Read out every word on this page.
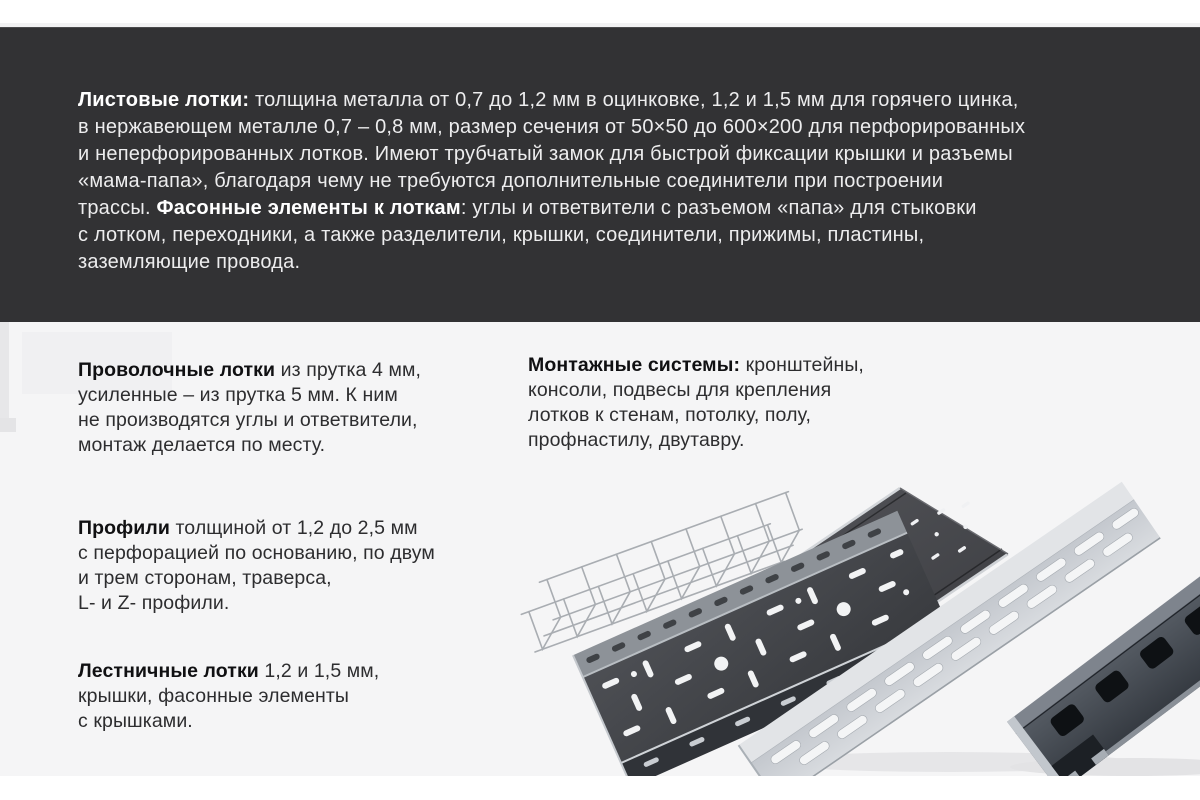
Листовые лотки: толщина металла от 0,7 до 1,2 мм в оцинковке, 1,2 и 1,5 мм для горячего цинка,
в нержавеющем металле 0,7 – 0,8 мм, размер сечения от 50×50 до 600×200 для перфорированных
и неперфорированных лотков. Имеют трубчатый замок для быстрой фиксации крышки и разъемы
«мама-папа», благодаря чему не требуются дополнительные соединители при построении
трассы. Фасонные элементы к лоткам: углы и ответвители с разъемом «папа» для стыковки
с лотком, переходники, а также разделители, крышки, соединители, прижимы, пластины,
заземляющие провода.
Проволочные лотки из прутка 4 мм,
усиленные – из прутка 5 мм. К ним
не производятся углы и ответвители,
монтаж делается по месту.
Монтажные системы: кронштейны,
консоли, подвесы для крепления
лотков к стенам, потолку, полу,
профнастилу, двутавру.
Профили толщиной от 1,2 до 2,5 мм
с перфорацией по основанию, по двум
и трем сторонам, траверса,
L- и Z- профили.
Лестничные лотки 1,2 и 1,5 мм,
крышки, фасонные элементы
с крышками.
